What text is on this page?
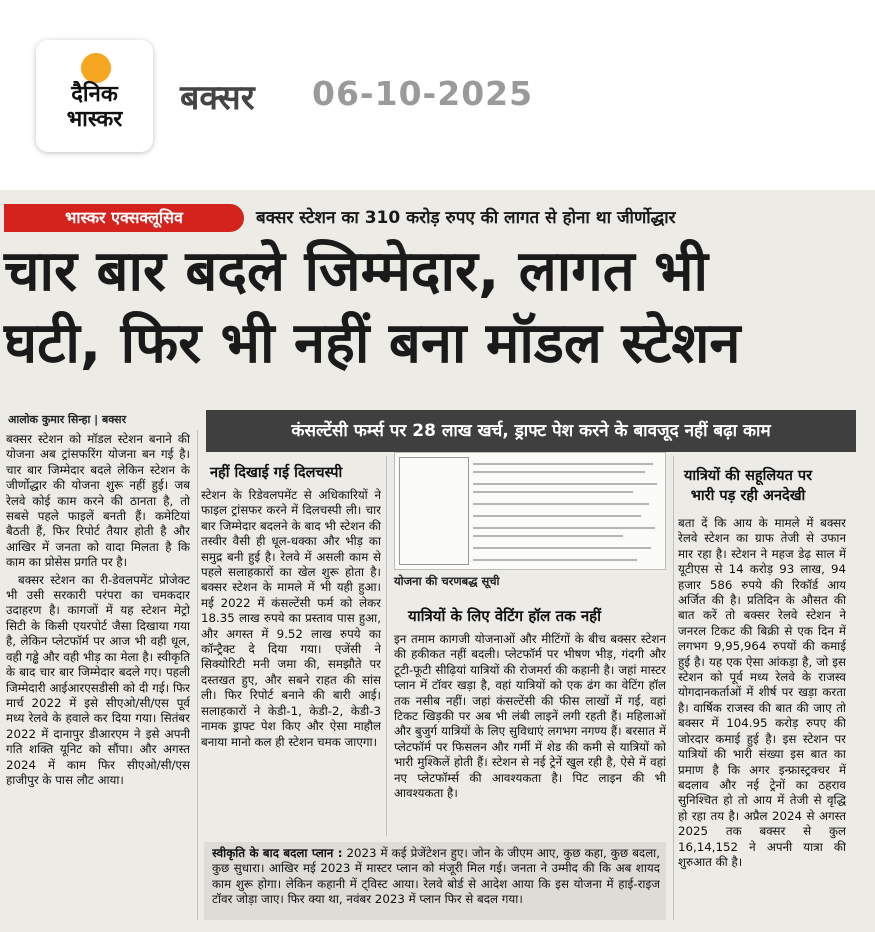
दैनिक
भास्कर
बक्सर 06-10-2025
भास्कर एक्सक्लूसिव	बक्सर स्टेशन का 310 करोड़ रुपए की लागत से होना था जीर्णोद्धार
चार बार बदले जिम्मेदार, लागत भी
घटी, फिर भी नहीं बना मॉडल स्टेशन
आलोक कुमार सिन्हा | बक्सर
कंसल्टेंसी फर्म्स पर 28 लाख खर्च, ड्राफ्ट पेश करने के बावजूद नहीं बढ़ा काम

बक्सर स्टेशन को मॉडल स्टेशन बनाने की योजना अब ट्रांसफरिंग योजना बन गई है। चार बार जिम्मेदार बदले लेकिन स्टेशन के जीर्णोद्धार की योजना शुरू नहीं हुई। जब रेलवे कोई काम करने की ठानता है, तो सबसे पहले फाइलें बनती हैं। कमेटियां बैठती हैं, फिर रिपोर्ट तैयार होती है और आखिर में जनता को वादा मिलता है कि काम का प्रोसेस प्रगति पर है।

बक्सर स्टेशन का री-डेवलपमेंट प्रोजेक्ट भी उसी सरकारी परंपरा का चमकदार उदाहरण है। कागजों में यह स्टेशन मेट्रो सिटी के किसी एयरपोर्ट जैसा दिखाया गया है, लेकिन प्लेटफॉर्म पर आज भी वही धूल, वही गड्ढे और वही भीड़ का मेला है। स्वीकृति के बाद चार बार जिम्मेदार बदले गए। पहली जिम्मेदारी आईआरएसडीसी को दी गई। फिर मार्च 2022 में इसे सीएओ/सी/एस पूर्व मध्य रेलवे के हवाले कर दिया गया। सितंबर 2022 में दानापुर डीआरएम ने इसे अपनी गति शक्ति यूनिट को सौंपा। और अगस्त 2024 में काम फिर सीएओ/सी/एस हाजीपुर के पास लौट आया।

नहीं दिखाई गई दिलचस्पी

स्टेशन के रिडेवलपमेंट से अधिकारियों ने फाइल ट्रांसफर करने में दिलचस्पी ली। चार बार जिम्मेदार बदलने के बाद भी स्टेशन की तस्वीर वैसी ही धूल-धक्का और भीड़ का समुद्र बनी हुई है। रेलवे में असली काम से पहले सलाहकारों का खेल शुरू होता है। बक्सर स्टेशन के मामले में भी यही हुआ। मई 2022 में कंसल्टेंसी फर्म को लेकर 18.35 लाख रुपये का प्रस्ताव पास हुआ, और अगस्त में 9.52 लाख रुपये का कॉन्ट्रैक्ट दे दिया गया। एजेंसी ने सिक्योरिटी मनी जमा की, समझौते पर दस्तखत हुए, और सबने राहत की सांस ली। फिर रिपोर्ट बनाने की बारी आई। सलाहकारों ने केडी-1, केडी-2, केडी-3 नामक ड्राफ्ट पेश किए और ऐसा माहौल बनाया मानो कल ही स्टेशन चमक जाएगा।

योजना की चरणबद्ध सूची
यात्रियों के लिए वेटिंग हॉल तक नहीं

इन तमाम कागजी योजनाओं और मीटिंगों के बीच बक्सर स्टेशन की हकीकत नहीं बदली। प्लेटफॉर्म पर भीषण भीड़, गंदगी और टूटी-फूटी सीढ़ियां यात्रियों की रोजमर्रा की कहानी है। जहां मास्टर प्लान में टॉवर खड़ा है, वहां यात्रियों को एक ढंग का वेटिंग हॉल तक नसीब नहीं। जहां कंसल्टेंसी की फीस लाखों में गई, वहां टिकट खिड़की पर अब भी लंबी लाइनें लगी रहती हैं। महिलाओं और बुजुर्ग यात्रियों के लिए सुविधाएं लगभग नगण्य हैं। बरसात में प्लेटफॉर्म पर फिसलन और गर्मी में शेड की कमी से यात्रियों को भारी मुश्किलें होती हैं। स्टेशन से नई ट्रेनें खुल रही है, ऐसे में वहां नए प्लेटफॉर्म्स की आवश्यकता है। पिट लाइन की भी आवश्यकता है।

स्वीकृति के बाद बदला प्लान : 2023 में कई प्रेजेंटेशन हुए। जोन के जीएम आए, कुछ कहा, कुछ बदला, कुछ सुधारा। आखिर मई 2023 में मास्टर प्लान को मंजूरी मिल गई। जनता ने उम्मीद की कि अब शायद काम शुरू होगा। लेकिन कहानी में ट्विस्ट आया। रेलवे बोर्ड से आदेश आया कि इस योजना में हाई-राइज टॉवर जोड़ा जाए। फिर क्या था, नवंबर 2023 में प्लान फिर से बदल गया।

यात्रियों की सहूलियत पर
भारी पड़ रही अनदेखी

बता दें कि आय के मामले में बक्सर रेलवे स्टेशन का ग्राफ तेजी से उफान मार रहा है। स्टेशन ने महज डेढ़ साल में यूटीएस से 14 करोड़ 93 लाख, 94 हजार 586 रुपये की रिकॉर्ड आय अर्जित की है। प्रतिदिन के औसत की बात करें तो बक्सर रेलवे स्टेशन ने जनरल टिकट की बिक्री से एक दिन में लगभग 9,95,964 रुपयों की कमाई हुई है। यह एक ऐसा आंकड़ा है, जो इस स्टेशन को पूर्व मध्य रेलवे के राजस्व योगदानकर्ताओं में शीर्ष पर खड़ा करता है। वार्षिक राजस्व की बात की जाए तो बक्सर में 104.95 करोड़ रुपए की जोरदार कमाई हुई है। इस स्टेशन पर यात्रियों की भारी संख्या इस बात का प्रमाण है कि अगर इन्फ्रास्ट्रक्चर में बदलाव और नई ट्रेनों का ठहराव सुनिश्चित हो तो आय में तेजी से वृद्धि हो रहा तय है। अप्रैल 2024 से अगस्त 2025 तक बक्सर से कुल 16,14,152 ने अपनी यात्रा की शुरुआत की है।
